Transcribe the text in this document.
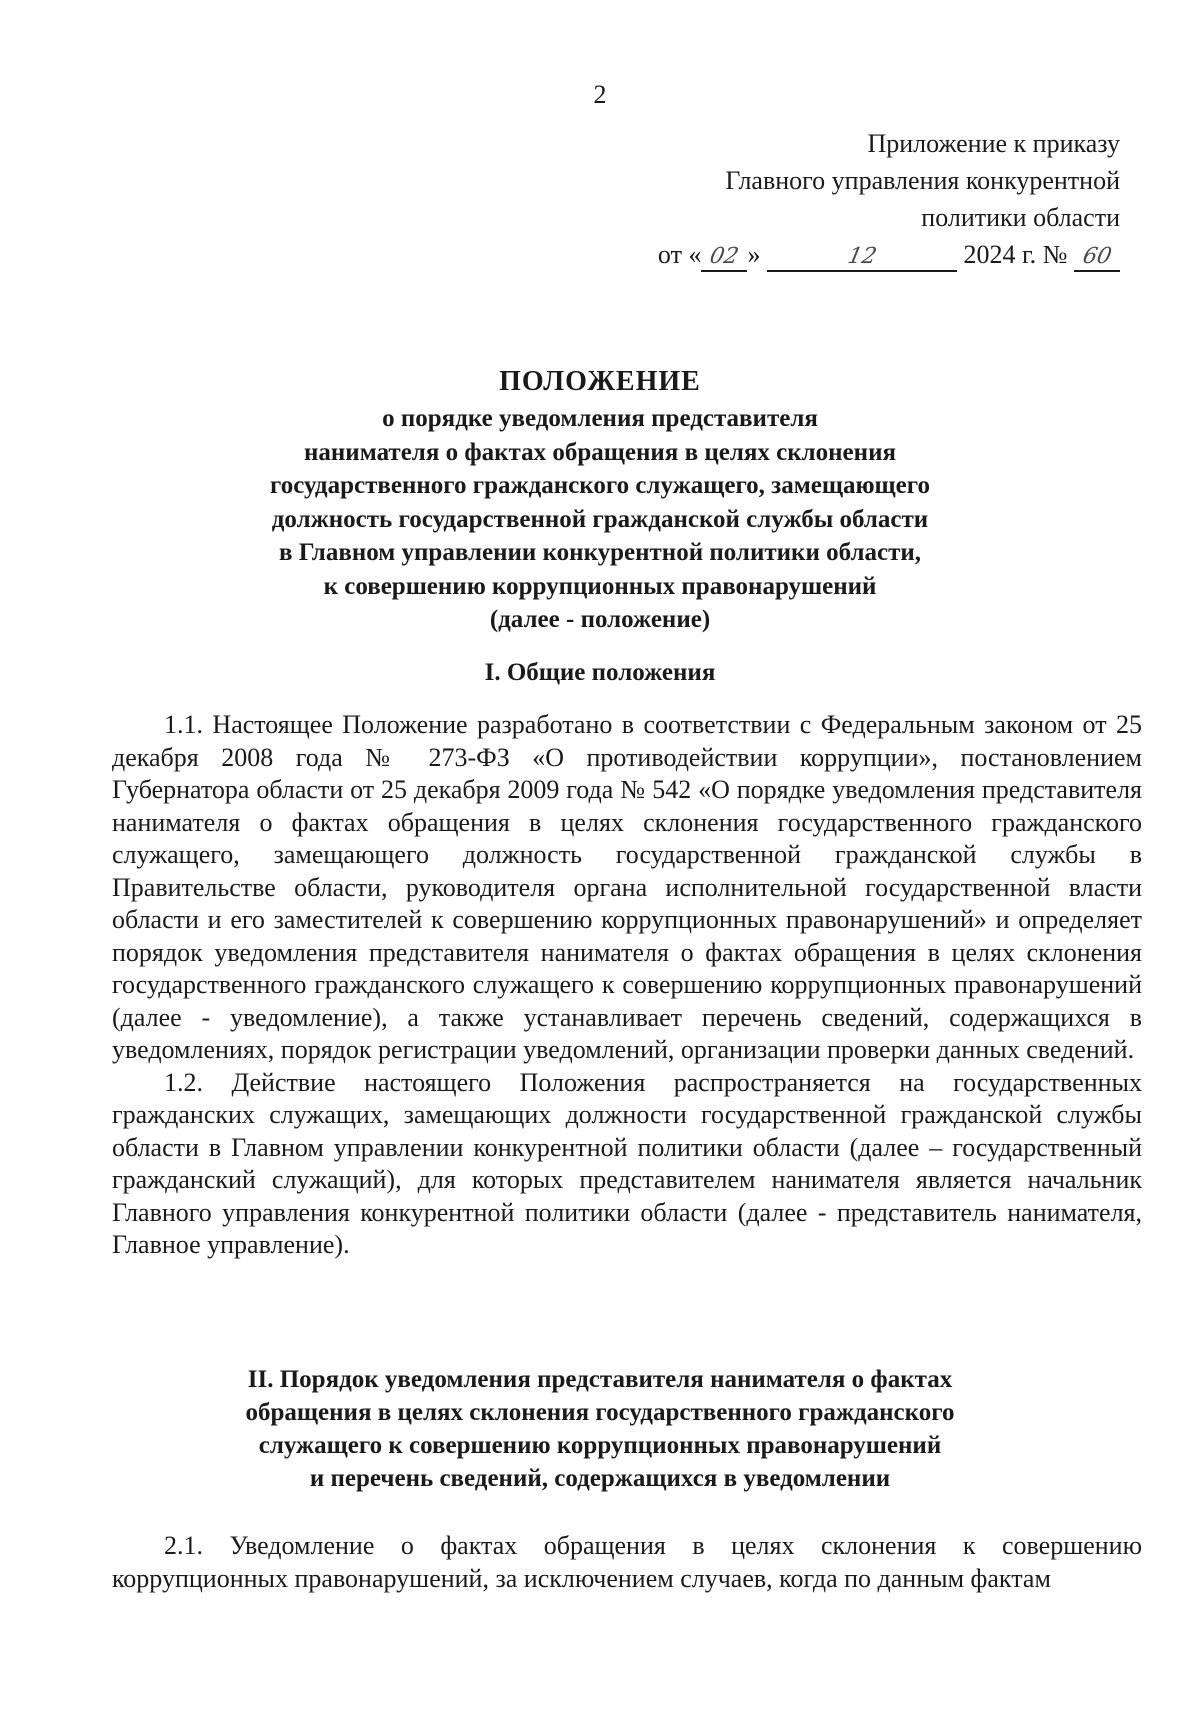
2
Приложение к приказу
Главного управления конкурентной
политики области
от « 02 »	12	2024 г. № 60
ПОЛОЖЕНИЕ
о порядке уведомления представителя
нанимателя о фактах обращения в целях склонения
государственного гражданского служащего, замещающего
должность государственной гражданской службы области
в Главном управлении конкурентной политики области,
к совершению коррупционных правонарушений
(далее - положение)
I. Общие положения

1.1. Настоящее Положение разработано в соответствии с Федеральным законом от 25 декабря 2008 года № 273-ФЗ «О противодействии коррупции», постановлением Губернатора области от 25 декабря 2009 года № 542 «О порядке уведомления представителя нанимателя о фактах обращения в целях склонения государственного гражданского служащего, замещающего должность государственной гражданской службы в Правительстве области, руководителя органа исполнительной государственной власти области и его заместителей к совершению коррупционных правонарушений» и определяет порядок уведомления представителя нанимателя о фактах обращения в целях склонения государственного гражданского служащего к совершению коррупционных правонарушений (далее - уведомление), а также устанавливает перечень сведений, содержащихся в уведомлениях, порядок регистрации уведомлений, организации проверки данных сведений.

1.2. Действие настоящего Положения распространяется на государственных гражданских служащих, замещающих должности государственной гражданской службы области в Главном управлении конкурентной политики области (далее – государственный гражданский служащий), для которых представителем нанимателя является начальник Главного управления конкурентной политики области (далее - представитель нанимателя, Главное управление).

II. Порядок уведомления представителя нанимателя о фактах
обращения в целях склонения государственного гражданского
служащего к совершению коррупционных правонарушений
и перечень сведений, содержащихся в уведомлении

2.1. Уведомление о фактах обращения в целях склонения к совершению коррупционных правонарушений, за исключением случаев, когда по данным фактам
